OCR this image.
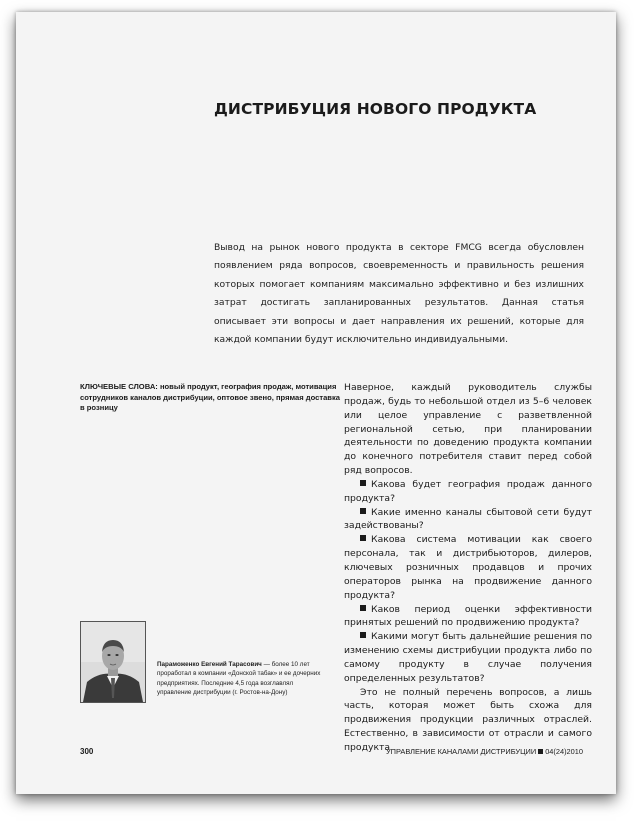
ДИСТРИБУЦИЯ НОВОГО ПРОДУКТА
Вывод на рынок нового продукта в секторе FMCG всегда обусловлен появлением ряда вопросов, своевременность и правильность решения которых помогает компаниям максимально эффективно и без излишних затрат достигать запланированных результатов. Данная статья описывает эти вопросы и дает направления их решений, которые для каждой компании будут исключительно индивидуальными.
КЛЮЧЕВЫЕ СЛОВА: новый продукт, география продаж, мотивация сотрудников каналов дистрибуции, оптовое звено, прямая доставка в розницу

Наверное, каждый руководитель службы продаж, будь то небольшой отдел из 5–6 человек или целое управление с разветвленной региональной сетью, при планировании деятельности по доведению продукта компании до конечного потребителя ставит перед собой ряд вопросов.

Какова будет география продаж данного продукта?

Какие именно каналы сбытовой сети будут задействованы?

Какова система мотивации как своего персонала, так и дистрибьюторов, дилеров, ключевых розничных продавцов и прочих операторов рынка на продвижение данного продукта?

Каков период оценки эффективности принятых решений по продвижению продукта?

Какими могут быть дальнейшие решения по изменению схемы дистрибуции продукта либо по самому продукту в случае получения определенных результатов?

Это не полный перечень вопросов, а лишь часть, которая может быть схожа для продвижения продукции различных отраслей. Естественно, в зависимости от отрасли и самого продукта

Параможенко Евгений Тарасович — более 10 лет проработал в компании «Донской табак» и ее дочерних предприятиях. Последние 4,5 года возглавлял управление дистрибуции (г. Ростов-на-Дону)
300	УПРАВЛЕНИЕ КАНАЛАМИ ДИСТРИБУЦИИ 04(24)2010
